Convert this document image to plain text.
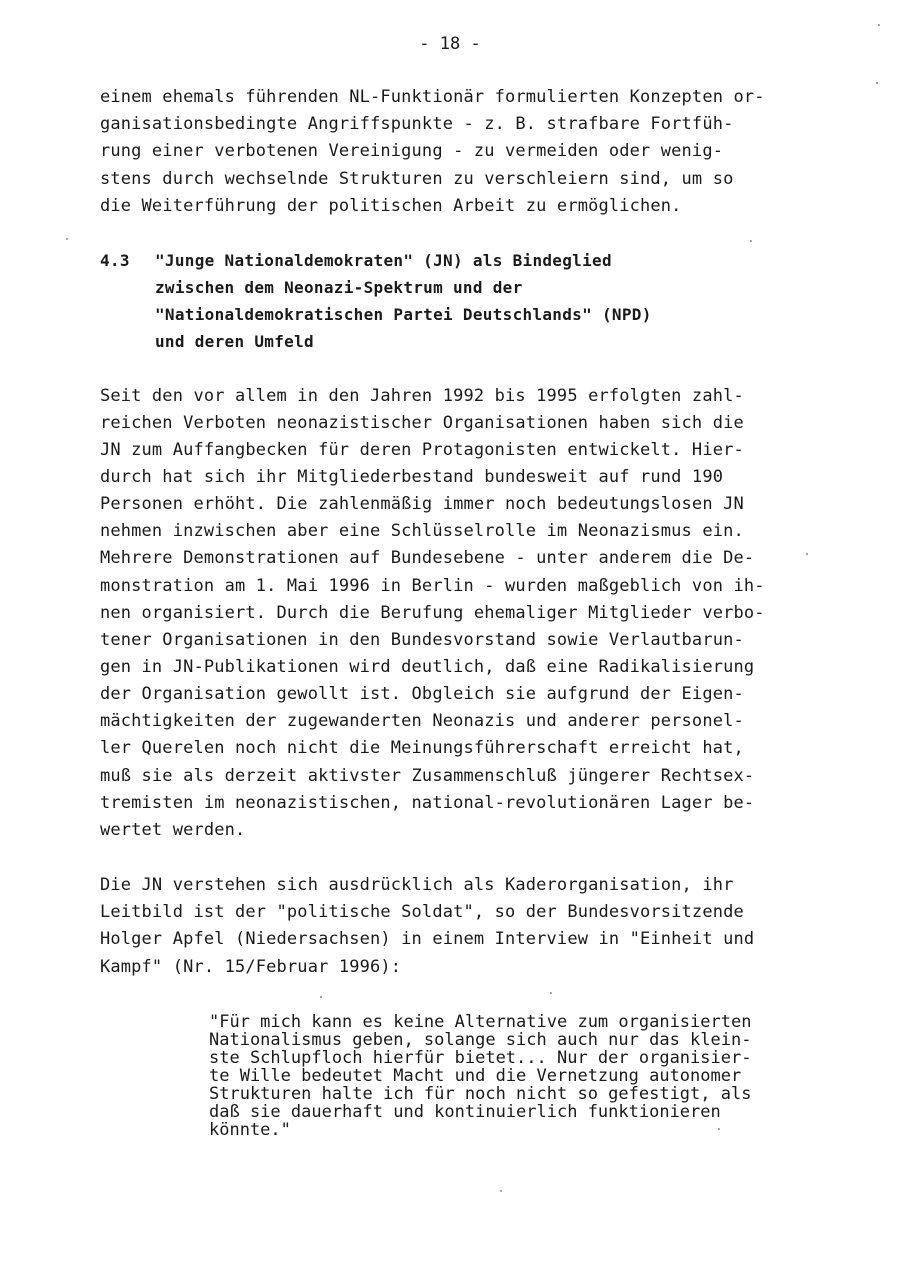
- 18 -
einem ehemals führenden NL-Funktionär formulierten Konzepten or-
ganisationsbedingte Angriffspunkte - z. B. strafbare Fortfüh-
rung einer verbotenen Vereinigung - zu vermeiden oder wenig-
stens durch wechselnde Strukturen zu verschleiern sind, um so
die Weiterführung der politischen Arbeit zu ermöglichen.
4.3 "Junge Nationaldemokraten" (JN) als Bindeglied
zwischen dem Neonazi-Spektrum und der
"Nationaldemokratischen Partei Deutschlands" (NPD)
und deren Umfeld
Seit den vor allem in den Jahren 1992 bis 1995 erfolgten zahl-
reichen Verboten neonazistischer Organisationen haben sich die
JN zum Auffangbecken für deren Protagonisten entwickelt. Hier-
durch hat sich ihr Mitgliederbestand bundesweit auf rund 190
Personen erhöht. Die zahlenmäßig immer noch bedeutungslosen JN
nehmen inzwischen aber eine Schlüsselrolle im Neonazismus ein.
Mehrere Demonstrationen auf Bundesebene - unter anderem die De-
monstration am 1. Mai 1996 in Berlin - wurden maßgeblich von ih-
nen organisiert. Durch die Berufung ehemaliger Mitglieder verbo-
tener Organisationen in den Bundesvorstand sowie Verlautbarun-
gen in JN-Publikationen wird deutlich, daß eine Radikalisierung
der Organisation gewollt ist. Obgleich sie aufgrund der Eigen-
mächtigkeiten der zugewanderten Neonazis und anderer personel-
ler Querelen noch nicht die Meinungsführerschaft erreicht hat,
muß sie als derzeit aktivster Zusammenschluß jüngerer Rechtsex-
tremisten im neonazistischen, national-revolutionären Lager be-
wertet werden.
Die JN verstehen sich ausdrücklich als Kaderorganisation, ihr
Leitbild ist der "politische Soldat", so der Bundesvorsitzende
Holger Apfel (Niedersachsen) in einem Interview in "Einheit und
Kampf" (Nr. 15/Februar 1996):
"Für mich kann es keine Alternative zum organisierten
Nationalismus geben, solange sich auch nur das klein-
ste Schlupfloch hierfür bietet... Nur der organisier-
te Wille bedeutet Macht und die Vernetzung autonomer
Strukturen halte ich für noch nicht so gefestigt, als
daß sie dauerhaft und kontinuierlich funktionieren
könnte."
